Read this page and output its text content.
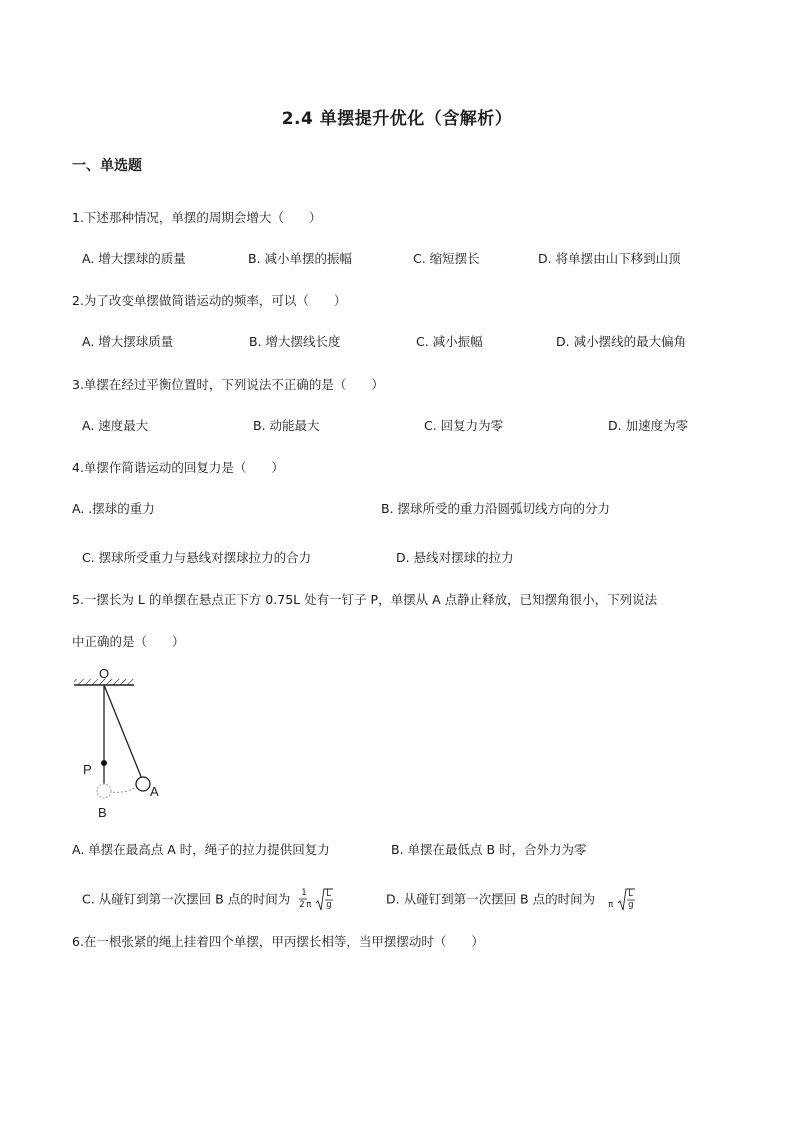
2.4 单摆提升优化（含解析）
一、单选题
1.下述那种情况，单摆的周期会增大（　　）
A. 增大摆球的质量	B. 减小单摆的振幅	C. 缩短摆长	D. 将单摆由山下移到山顶
2.为了改变单摆做简谐运动的频率，可以（　　）
A. 增大摆球质量	B. 增大摆线长度	C. 减小振幅	D. 减小摆线的最大偏角
3.单摆在经过平衡位置时，下列说法不正确的是（　　）
A. 速度最大	B. 动能最大	C. 回复力为零	D. 加速度为零
4.单摆作简谐运动的回复力是（　　）
A. .摆球的重力	B. 摆球所受的重力沿圆弧切线方向的分力
C. 摆球所受重力与悬线对摆球拉力的合力	D. 悬线对摆球的拉力
5.一摆长为 L 的单摆在悬点正下方 0.75L 处有一钉子 P，单摆从 A 点静止释放，已知摆角很小，下列说法
中正确的是（　　）
O
P
A
B
A. 单摆在最高点 A 时，绳子的拉力提供回复力	B. 单摆在最低点 B 时，合外力为零
C. 从碰钉到第一次摆回 B 点的时间为 1
2 π
L
g	D. 从碰钉到第一次摆回 B 点的时间为 π
L
g
6.在一根张紧的绳上挂着四个单摆，甲丙摆长相等，当甲摆摆动时（　　）
